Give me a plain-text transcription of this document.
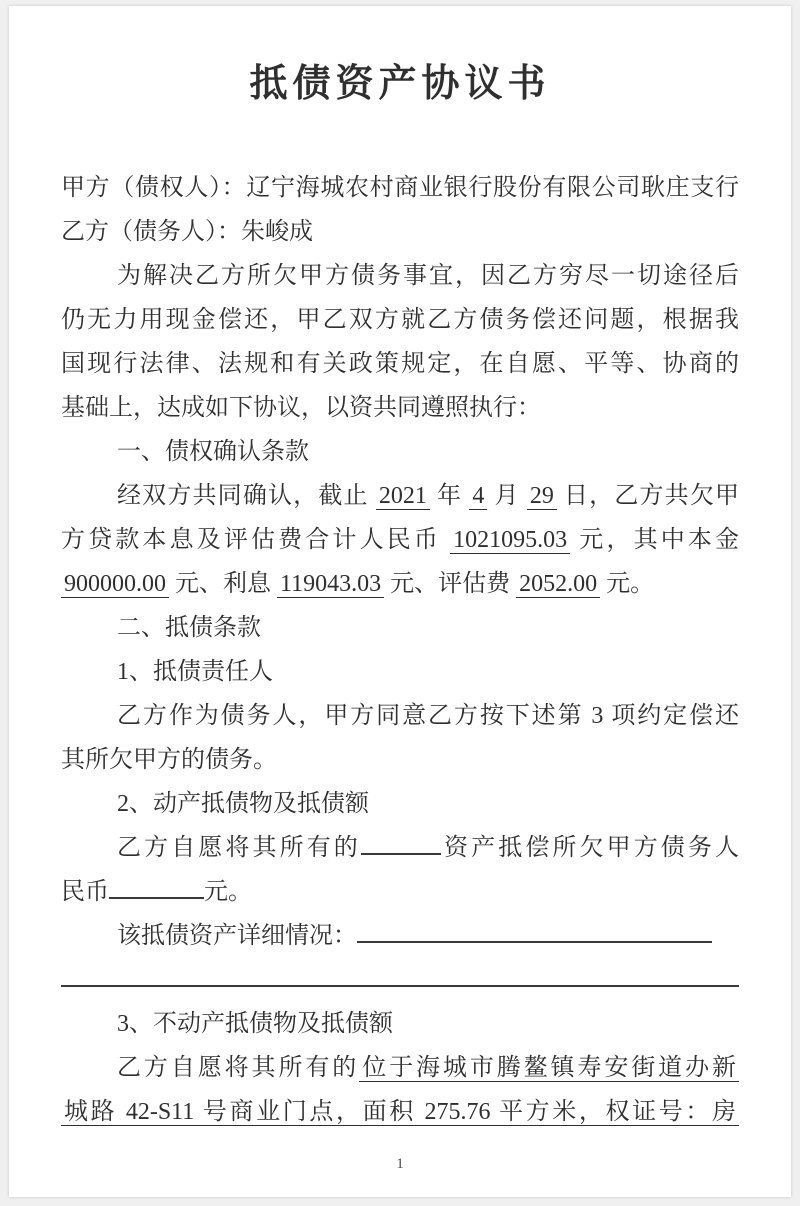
抵债资产协议书

甲方（债权人）：辽宁海城农村商业银行股份有限公司耿庄支行

乙方（债务人）：朱峻成

为解决乙方所欠甲方债务事宜，因乙方穷尽一切途径后

仍无力用现金偿还，甲乙双方就乙方债务偿还问题，根据我

国现行法律、法规和有关政策规定，在自愿、平等、协商的

基础上，达成如下协议，以资共同遵照执行：

一、债权确认条款

经双方共同确认，截止 2021 年 4 月 29 日，乙方共欠甲

方贷款本息及评估费合计人民币 1021095.03 元，其中本金

900000.00 元、利息 119043.03 元、评估费 2052.00 元。

二、抵债条款

1、抵债责任人

乙方作为债务人，甲方同意乙方按下述第 3 项约定偿还

其所欠甲方的债务。

2、动产抵债物及抵债额

乙方自愿将其所有的	资产抵偿所欠甲方债务人

民币	元。

该抵债资产详细情况：

3、不动产抵债物及抵债额

乙方自愿将其所有的 位于海城市腾鳌镇寿安街道办新

城路 42-S11 号商业门点，面积 275.76 平方米，权证号：房

1
